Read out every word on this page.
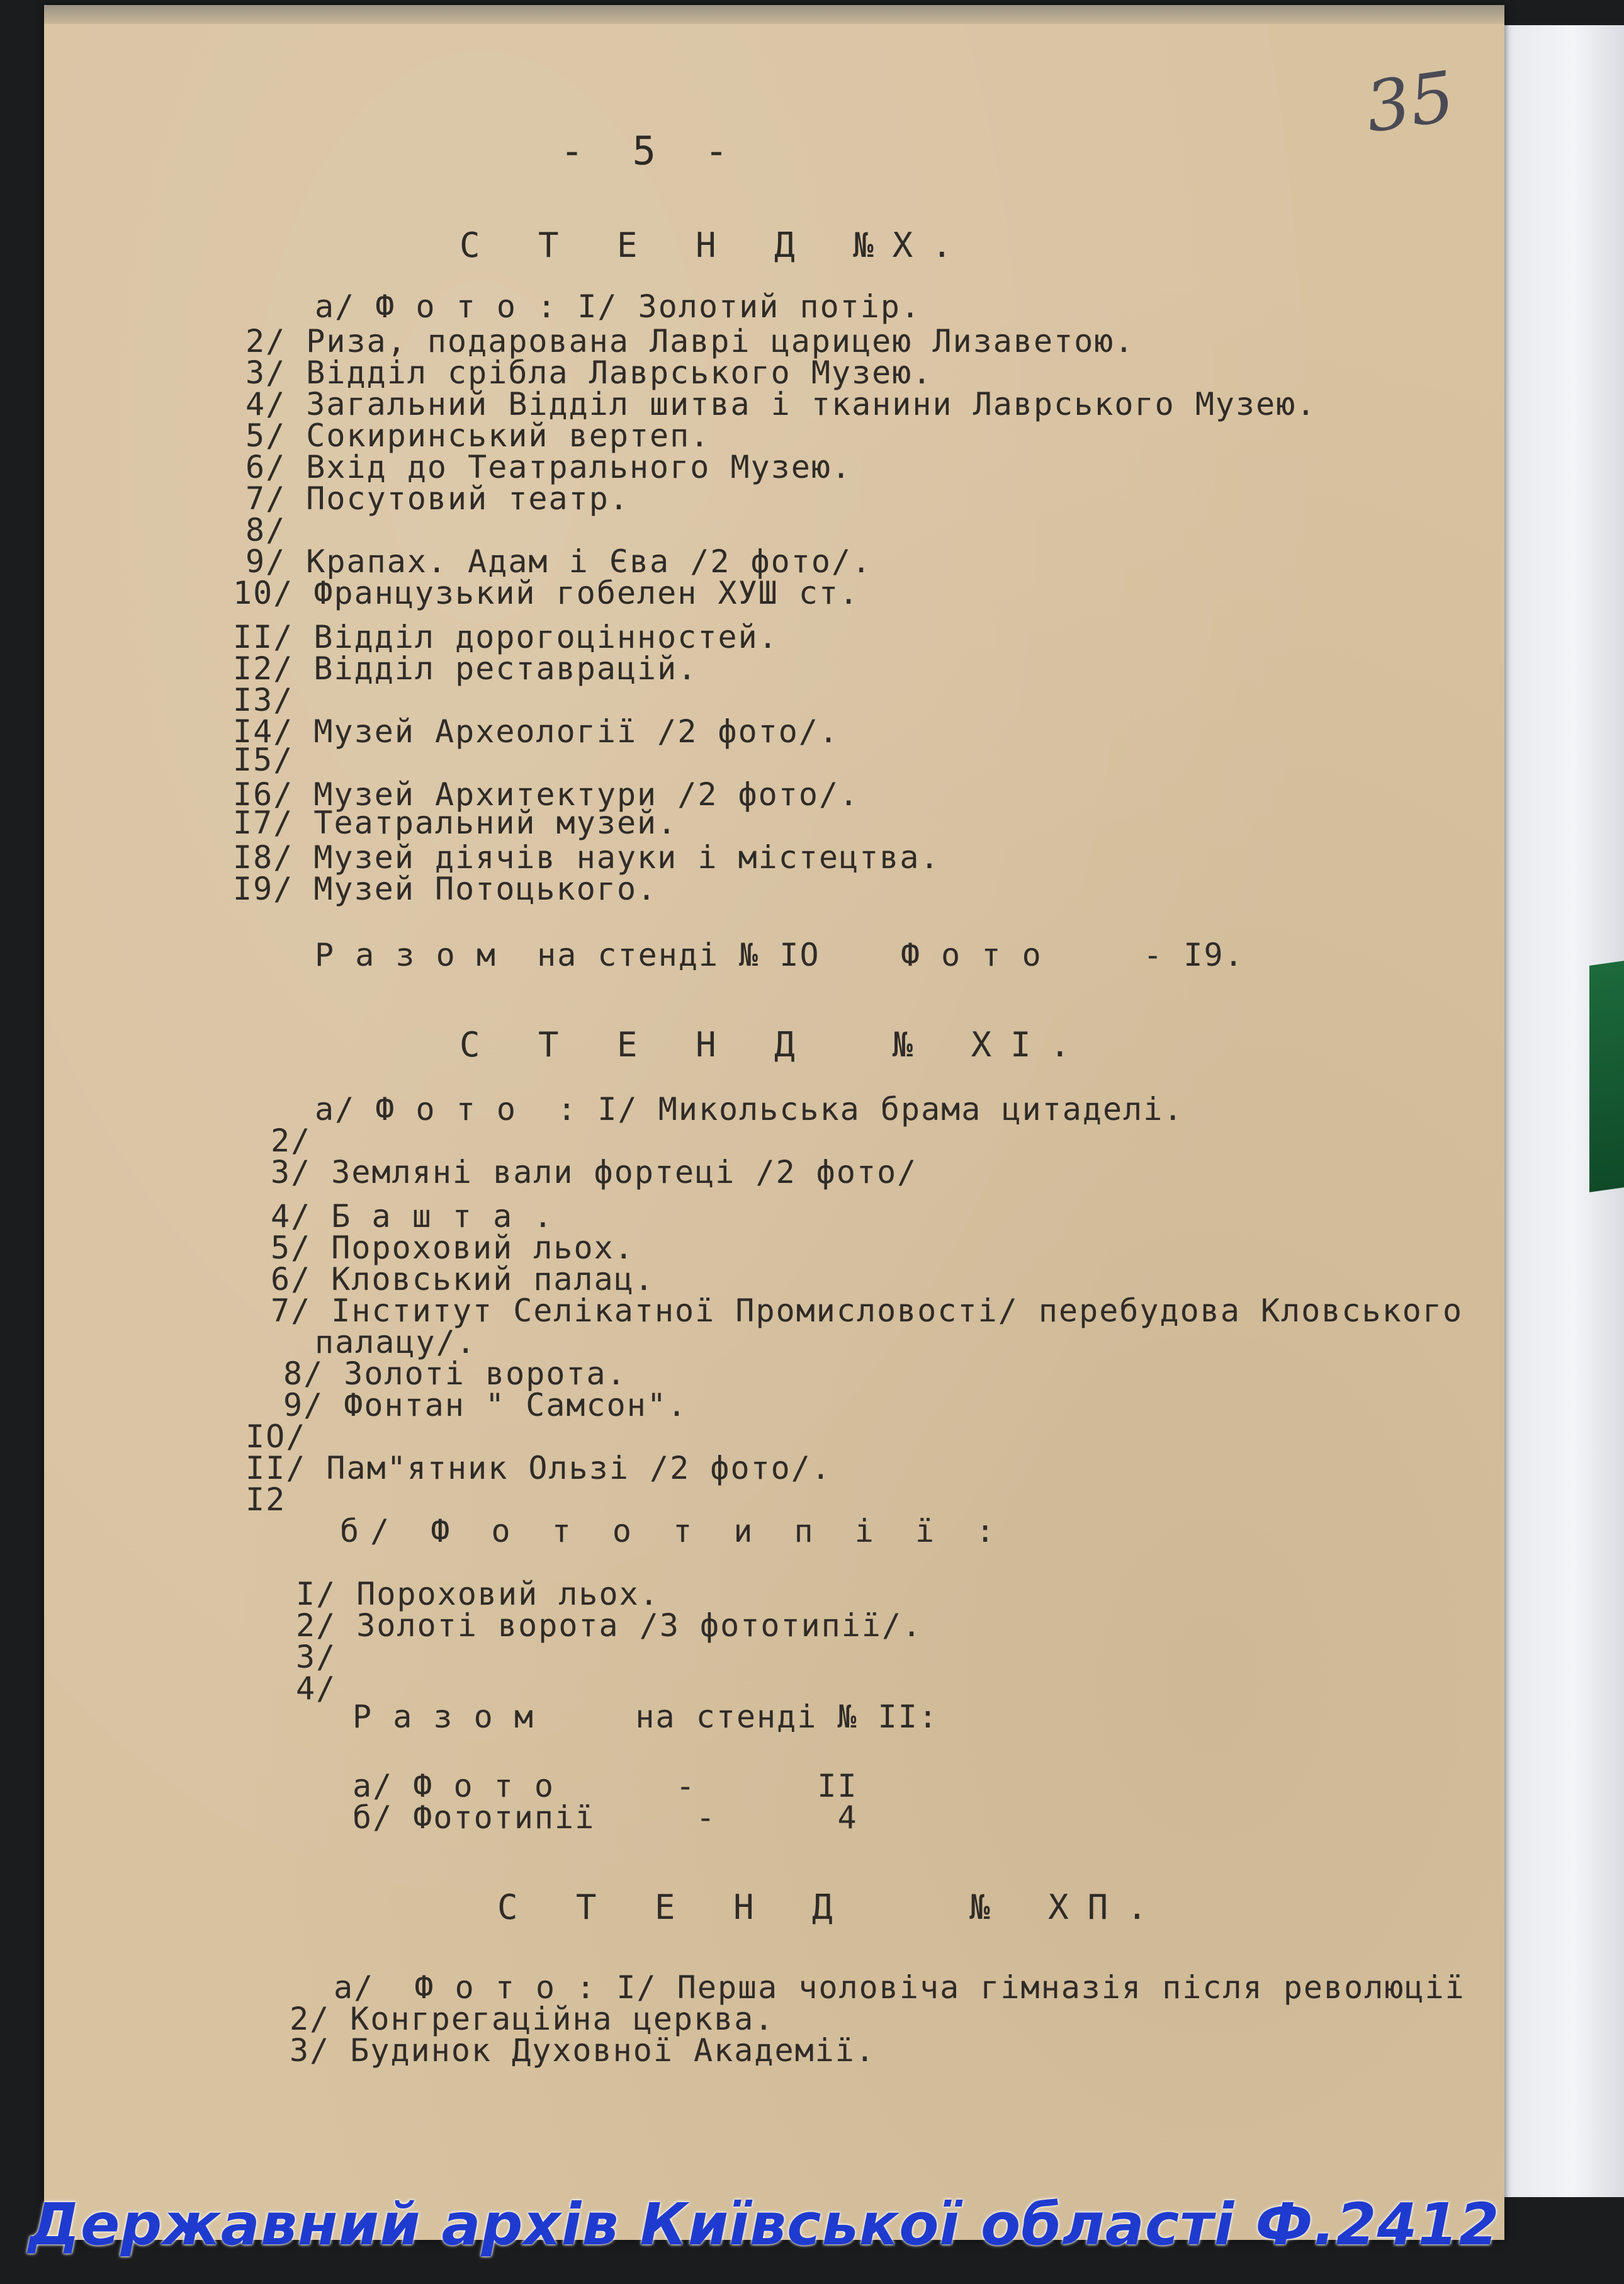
35
- 5 -
С Т Е Н Д №Х.
а/ Ф о т о : І/ Золотий потір.
2/ Риза, подарована Лаврі царицею Лизаветою.
3/ Відділ срібла Лаврського Музею.
4/ Загальний Відділ шитва і тканини Лаврського Музею.
5/ Сокиринський вертеп.
6/ Вхід до Театрального Музею.
7/ Посутовий театр.
8/
9/ Крапах. Адам і Єва /2 фото/.
10/ Французький гобелен ХУШ ст.
ІІ/ Відділ дорогоцінностей.
І2/ Відділ реставрацій.
І3/
І4/ Музей Археології /2 фото/.
І5/
І6/ Музей Архитектури /2 фото/.
І7/ Театральний музей.
І8/ Музей діячів науки і містецтва.
І9/ Музей Потоцького.
Р а з о м  на стенді № ІО    Ф о т о     - І9.
С Т Е Н Д  № ХІ.
а/ Ф о т о  : І/ Микольська брама цитаделі.
2/
3/ Земляні вали фортеці /2 фото/
4/ Б а ш т а .
5/ Пороховий льох.
6/ Кловський палац.
7/ Інститут Селікатної Промисловості/ перебудова Кловського
палацу/.
8/ Золоті ворота.
9/ Фонтан " Самсон".
ІО/
ІІ/ Пам"ятник Ользі /2 фото/.
І2
б/ Ф о т о т и п і ї :
І/ Пороховий льох.
2/ Золоті ворота /3 фототипії/.
3/
4/
Р а з о м     на стенді № ІІ:
а/ Ф о т о      -      ІІ
б/ Фототипії     -      4
С Т Е Н Д   № ХП.
а/  Ф о т о : І/ Перша чоловіча гімназія після революції
2/ Конгрегаційна церква.
3/ Будинок Духовної Академії.
Державний архів Київської області Ф.2412
